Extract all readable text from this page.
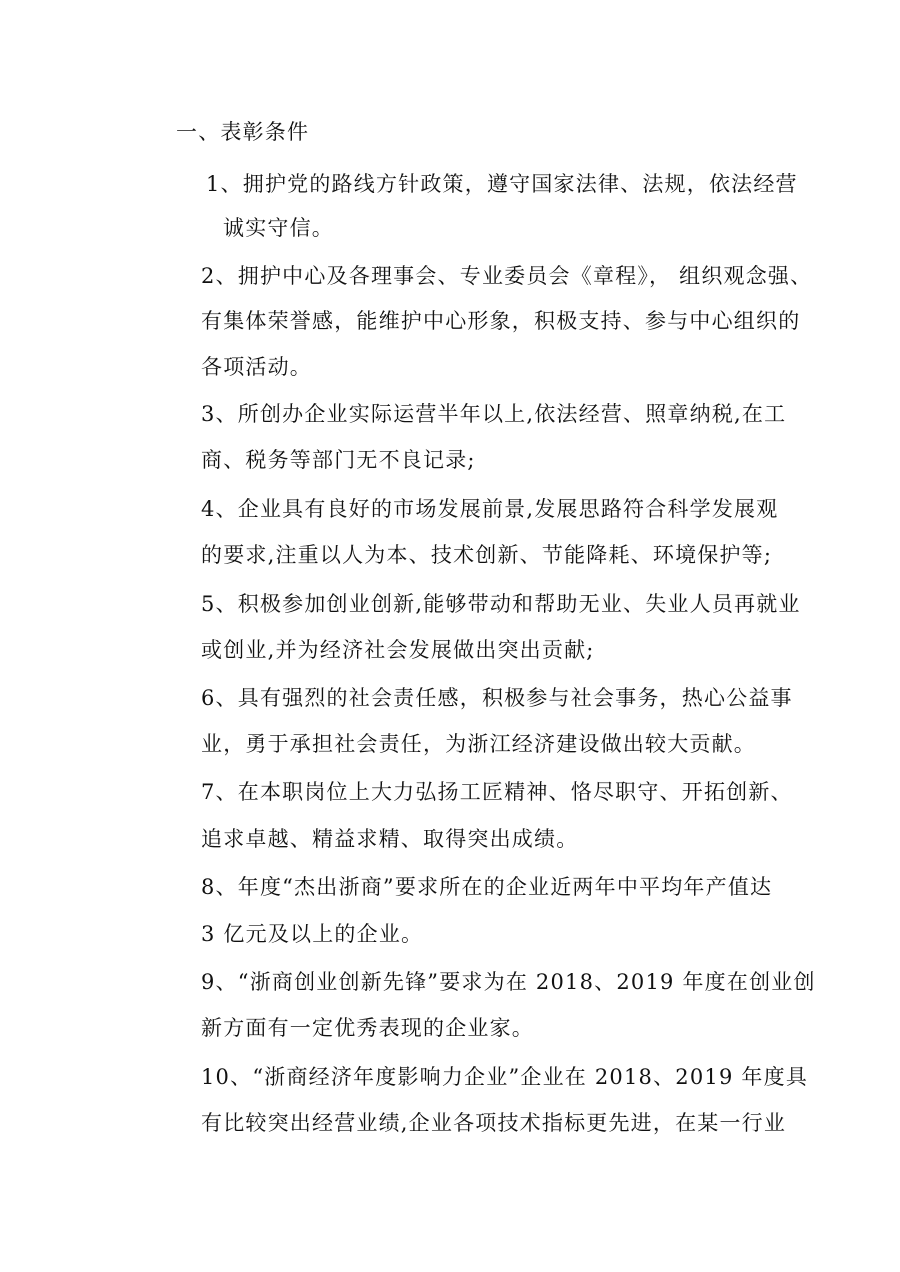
一、表彰条件

1、拥护党的路线方针政策，遵守国家法律、法规，依法经营

诚实守信。

2、拥护中心及各理事会、专业委员会《章程》， 组织观念强、

有集体荣誉感，能维护中心形象，积极支持、参与中心组织的

各项活动。

3、所创办企业实际运营半年以上,依法经营、照章纳税,在工

商、税务等部门无不良记录;

4、企业具有良好的市场发展前景,发展思路符合科学发展观

的要求,注重以人为本、技术创新、节能降耗、环境保护等;

5、积极参加创业创新,能够带动和帮助无业、失业人员再就业

或创业,并为经济社会发展做出突出贡献;

6、具有强烈的社会责任感，积极参与社会事务，热心公益事

业，勇于承担社会责任，为浙江经济建设做出较大贡献。

7、在本职岗位上大力弘扬工匠精神、恪尽职守、开拓创新、

追求卓越、精益求精、取得突出成绩。

8、年度“杰出浙商”要求所在的企业近两年中平均年产值达

3 亿元及以上的企业。

9、“浙商创业创新先锋”要求为在 2018、2019 年度在创业创

新方面有一定优秀表现的企业家。

10、“浙商经济年度影响力企业”企业在 2018、2019 年度具

有比较突出经营业绩,企业各项技术指标更先进，在某一行业
